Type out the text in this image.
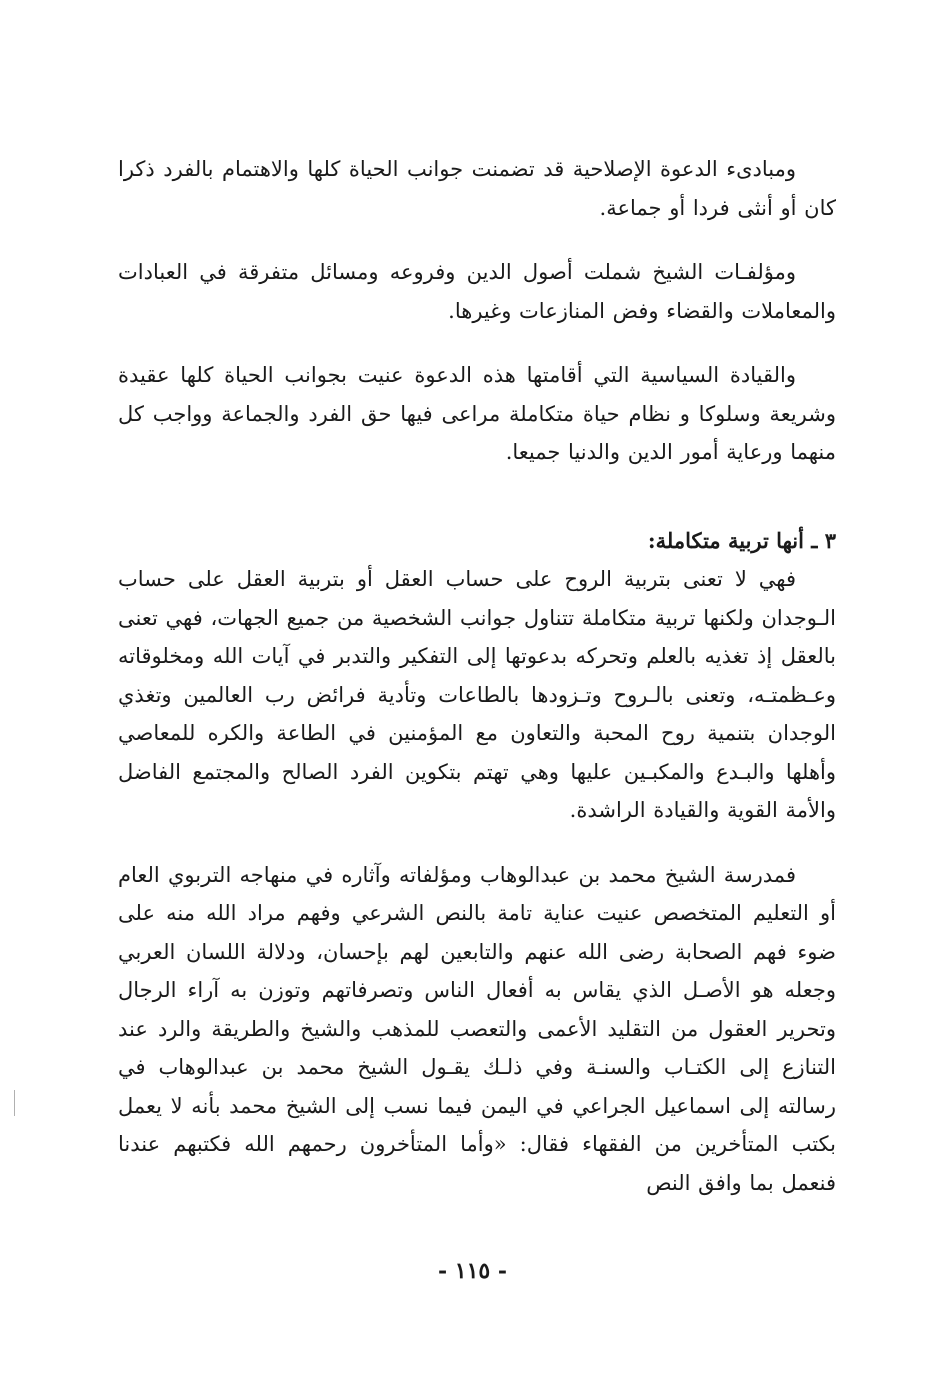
ومبادىء الدعوة الإصلاحية قد تضمنت جوانب الحياة كلها والاهتمام بالفرد ذكرا كان أو أنثى فردا أو جماعة.

ومؤلفـات الشيخ شملت أصول الدين وفروعه ومسائل متفرقة في العبادات والمعاملات والقضاء وفض المنازعات وغيرها.

والقيادة السياسية التي أقامتها هذه الدعوة عنيت بجوانب الحياة كلها عقيدة وشريعة وسلوكا و نظام حياة متكاملة مراعى فيها حق الفرد والجماعة وواجب كل منهما ورعاية أمور الدين والدنيا جميعا.

٣ ـ أنها تربية متكاملة:

فهي لا تعنى بتربية الروح على حساب العقل أو بتربية العقل على حساب الـوجدان ولكنها تربية متكاملة تتناول جوانب الشخصية من جميع الجهات، فهي تعنى بالعقل إذ تغذيه بالعلم وتحركه بدعوتها إلى التفكير والتدبر في آيات الله ومخلوقاته وعـظمتـه، وتعنى بالـروح وتـزودها بالطاعات وتأدية فرائض رب العالمين وتغذي الوجدان بتنمية روح المحبة والتعاون مع المؤمنين في الطاعة والكره للمعاصي وأهلها والبـدع والمكبـين عليها وهي تهتم بتكوين الفرد الصالح والمجتمع الفاضل والأمة القوية والقيادة الراشدة.

فمدرسة الشيخ محمد بن عبدالوهاب ومؤلفاته وآثاره في منهاجه التربوي العام أو التعليم المتخصص عنيت عناية تامة بالنص الشرعي وفهم مراد الله منه على ضوء فهم الصحابة رضى الله عنهم والتابعين لهم بإحسان، ودلالة اللسان العربي وجعله هو الأصـل الذي يقاس به أفعال الناس وتصرفاتهم وتوزن به آراء الرجال وتحرير العقول من التقليد الأعمى والتعصب للمذهب والشيخ والطريقة والرد عند التنازع إلى الكتـاب والسنـة وفي ذلـك يقـول الشيخ محمد بن عبدالوهاب في رسالته إلى اسماعيل الجراعي في اليمن فيما نسب إلى الشيخ محمد بأنه لا يعمل بكتب المتأخرين من الفقهاء فقال: «وأما المتأخرون رحمهم الله فكتبهم عندنا فنعمل بما وافق النص

- ١١٥ -
